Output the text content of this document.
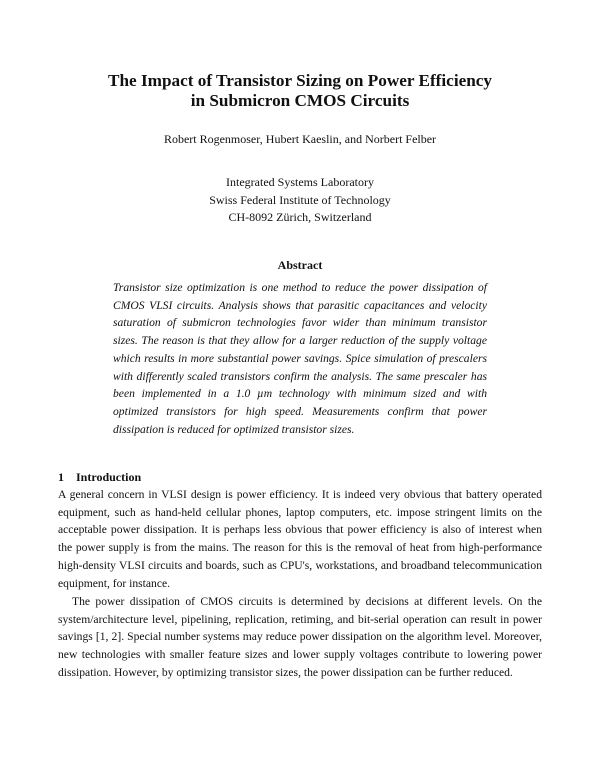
The Impact of Transistor Sizing on Power Efficiency
in Submicron CMOS Circuits
Robert Rogenmoser, Hubert Kaeslin, and Norbert Felber
Integrated Systems Laboratory
Swiss Federal Institute of Technology
CH-8092 Zürich, Switzerland
Abstract
Transistor size optimization is one method to reduce the power dissipation of CMOS VLSI circuits. Analysis shows that parasitic capacitances and velocity saturation of submicron technologies favor wider than minimum transistor sizes. The reason is that they allow for a larger reduction of the supply voltage which results in more substantial power savings. Spice simulation of prescalers with differently scaled transistors confirm the analysis. The same prescaler has been implemented in a 1.0 µm technology with minimum sized and with optimized transistors for high speed. Measurements confirm that power dissipation is reduced for optimized transistor sizes.
1 Introduction
A general concern in VLSI design is power efficiency. It is indeed very obvious that battery operated equipment, such as hand-held cellular phones, laptop computers, etc. impose stringent limits on the acceptable power dissipation. It is perhaps less obvious that power efficiency is also of interest when the power supply is from the mains. The reason for this is the removal of heat from high-performance high-density VLSI circuits and boards, such as CPU's, workstations, and broadband telecommunication equipment, for instance.
The power dissipation of CMOS circuits is determined by decisions at different levels. On the system/architecture level, pipelining, replication, retiming, and bit-serial operation can result in power savings [1, 2]. Special number systems may reduce power dissipation on the algorithm level. Moreover, new technologies with smaller feature sizes and lower supply voltages contribute to lowering power dissipation. However, by optimizing transistor sizes, the power dissipation can be further reduced.
